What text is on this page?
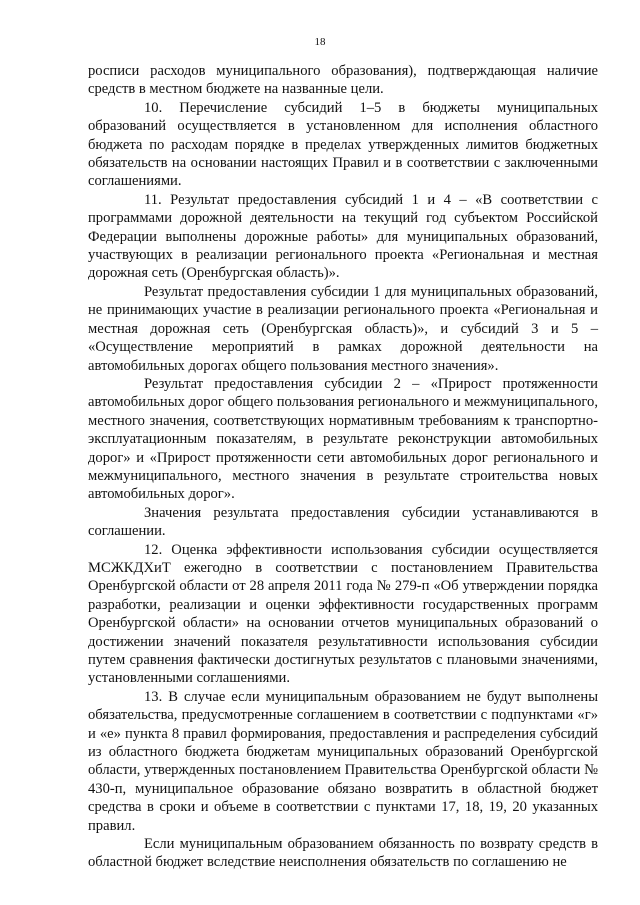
18

росписи расходов муниципального образования), подтверждающая наличие средств в местном бюджете на названные цели.

10. Перечисление субсидий 1–5 в бюджеты муниципальных образований осуществляется в установленном для исполнения областного бюджета по расходам порядке в пределах утвержденных лимитов бюджетных обязательств на основании настоящих Правил и в соответствии с заключенными соглашениями.

11. Результат предоставления субсидий 1 и 4 – «В соответствии с программами дорожной деятельности на текущий год субъектом Российской Федерации выполнены дорожные работы» для муниципальных образований, участвующих в реализации регионального проекта «Региональная и местная дорожная сеть (Оренбургская область)».

Результат предоставления субсидии 1 для муниципальных образований, не принимающих участие в реализации регионального проекта «Региональная и местная дорожная сеть (Оренбургская область)», и субсидий 3 и 5 – «Осуществление мероприятий в рамках дорожной деятельности на автомобильных дорогах общего пользования местного значения».

Результат предоставления субсидии 2 – «Прирост протяженности автомобильных дорог общего пользования регионального и межмуниципального, местного значения, соответствующих нормативным требованиям к транспортно-эксплуатационным показателям, в результате реконструкции автомобильных дорог» и «Прирост протяженности сети автомобильных дорог регионального и межмуниципального, местного значения в результате строительства новых автомобильных дорог».

Значения результата предоставления субсидии устанавливаются в соглашении.

12. Оценка эффективности использования субсидии осуществляется МСЖКДХиТ ежегодно в соответствии с постановлением Правительства Оренбургской области от 28 апреля 2011 года № 279-п «Об утверждении порядка разработки, реализации и оценки эффективности государственных программ Оренбургской области» на основании отчетов муниципальных образований о достижении значений показателя результативности использования субсидии путем сравнения фактически достигнутых результатов с плановыми значениями, установленными соглашениями.

13. В случае если муниципальным образованием не будут выполнены обязательства, предусмотренные соглашением в соответствии с подпунктами «г» и «е» пункта 8 правил формирования, предоставления и распределения субсидий из областного бюджета бюджетам муниципальных образований Оренбургской области, утвержденных постановлением Правительства Оренбургской области № 430-п, муниципальное образование обязано возвратить в областной бюджет средства в сроки и объеме в соответствии с пунктами 17, 18, 19, 20 указанных правил.

Если муниципальным образованием обязанность по возврату средств в областной бюджет вследствие неисполнения обязательств по соглашению не
